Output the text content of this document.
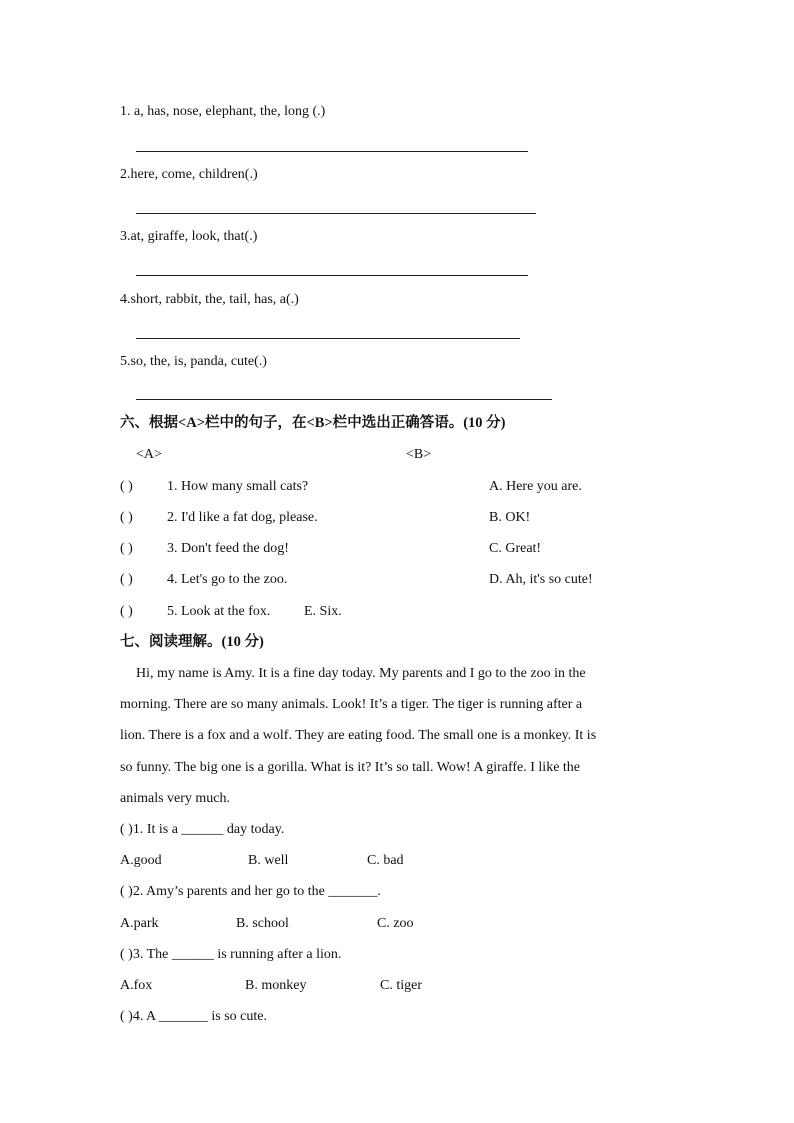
1. a, has, nose, elephant, the, long (.)
2.here, come, children(.)
3.at, giraffe, look, that(.)
4.short, rabbit, the, tail, has, a(.)
5.so, the, is, panda, cute(.)
六、根据<A>栏中的句子，在<B>栏中选出正确答语。(10 分)
<A>	<B>
( ) 1. How many small cats?	A. Here you are.
( ) 2. I'd like a fat dog, please.	B. OK!
( ) 3. Don't feed the dog!	C. Great!
( ) 4. Let's go to the zoo.	D. Ah, it's so cute!
( ) 5. Look at the fox. E. Six.
七、阅读理解。(10 分)
Hi, my name is Amy. It is a fine day today. My parents and I go to the zoo in the
morning. There are so many animals. Look! It’s a tiger. The tiger is running after a
lion. There is a fox and a wolf. They are eating food. The small one is a monkey. It is
so funny. The big one is a gorilla. What is it? It’s so tall. Wow! A giraffe. I like the
animals very much.
( )1. It is a ______ day today.
A.good	B. well	C. bad
( )2. Amy’s parents and her go to the _______.
A.park	B. school	C. zoo
( )3. The ______ is running after a lion.
A.fox	B. monkey	C. tiger
( )4. A _______ is so cute.
